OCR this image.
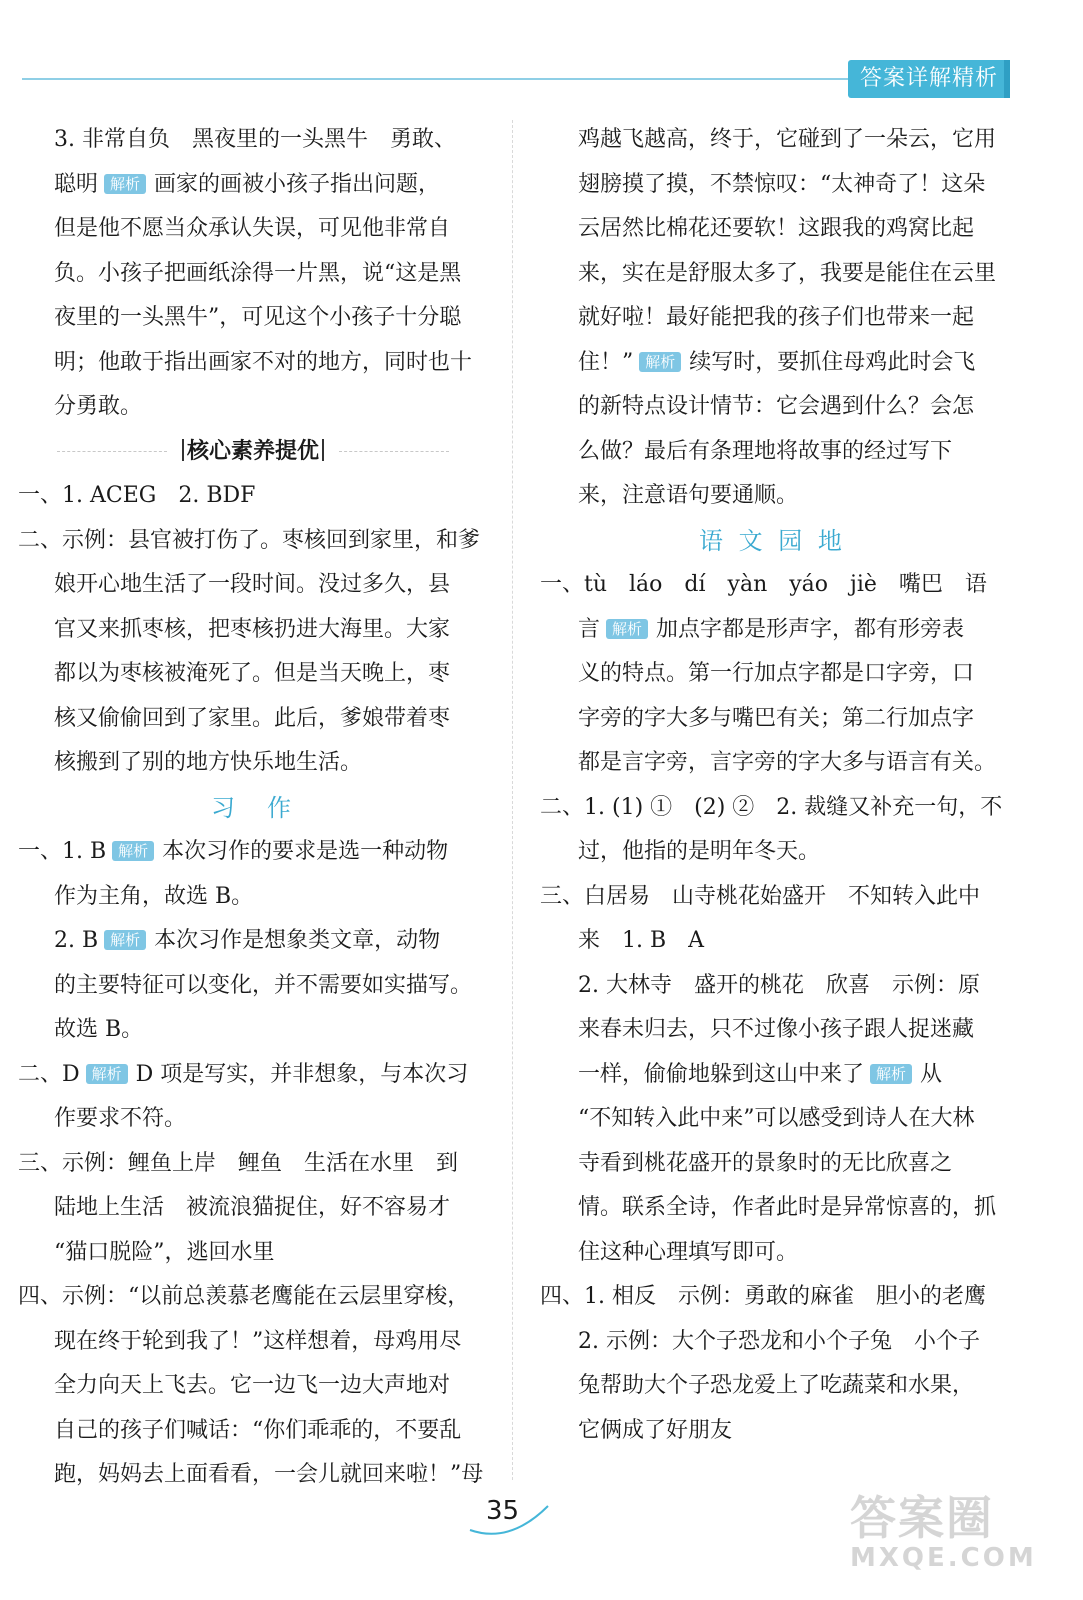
答案详解精析
3. 非常自负　黑夜里的一头黑牛　勇敢、
聪明 解析 画家的画被小孩子指出问题，
但是他不愿当众承认失误，可见他非常自
负。小孩子把画纸涂得一片黑，说“这是黑
夜里的一头黑牛”，可见这个小孩子十分聪
明；他敢于指出画家不对的地方，同时也十
分勇敢。
核心素养提优
一、1. ACEG　2. BDF
二、示例：县官被打伤了。枣核回到家里，和爹
娘开心地生活了一段时间。没过多久，县
官又来抓枣核，把枣核扔进大海里。大家
都以为枣核被淹死了。但是当天晚上，枣
核又偷偷回到了家里。此后，爹娘带着枣
核搬到了别的地方快乐地生活。
习　作
一、1. B 解析 本次习作的要求是选一种动物
作为主角，故选 B。
2. B 解析 本次习作是想象类文章，动物
的主要特征可以变化，并不需要如实描写。
故选 B。
二、D 解析 D 项是写实，并非想象，与本次习
作要求不符。
三、示例：鲤鱼上岸　鲤鱼　生活在水里　到
陆地上生活　被流浪猫捉住，好不容易才
“猫口脱险”，逃回水里
四、示例：“以前总羡慕老鹰能在云层里穿梭，
现在终于轮到我了！”这样想着，母鸡用尽
全力向天上飞去。它一边飞一边大声地对
自己的孩子们喊话：“你们乖乖的，不要乱
跑，妈妈去上面看看，一会儿就回来啦！”母
鸡越飞越高，终于，它碰到了一朵云，它用
翅膀摸了摸，不禁惊叹：“太神奇了！这朵
云居然比棉花还要软！这跟我的鸡窝比起
来，实在是舒服太多了，我要是能住在云里
就好啦！最好能把我的孩子们也带来一起
住！” 解析 续写时，要抓住母鸡此时会飞
的新特点设计情节：它会遇到什么？会怎
么做？最后有条理地将故事的经过写下
来，注意语句要通顺。
语 文 园 地
一、tù　láo　dí　yàn　yáo　jiè　嘴巴　语
言 解析 加点字都是形声字，都有形旁表
义的特点。第一行加点字都是口字旁，口
字旁的字大多与嘴巴有关；第二行加点字
都是言字旁，言字旁的字大多与语言有关。
二、1. (1) ①　(2) ②　2. 裁缝又补充一句，不
过，他指的是明年冬天。
三、白居易　山寺桃花始盛开　不知转入此中
来　1. B　A
2. 大林寺　盛开的桃花　欣喜　示例：原
来春未归去，只不过像小孩子跟人捉迷藏
一样，偷偷地躲到这山中来了 解析 从
“不知转入此中来”可以感受到诗人在大林
寺看到桃花盛开的景象时的无比欣喜之
情。联系全诗，作者此时是异常惊喜的，抓
住这种心理填写即可。
四、1. 相反　示例：勇敢的麻雀　胆小的老鹰
2. 示例：大个子恐龙和小个子兔　小个子
兔帮助大个子恐龙爱上了吃蔬菜和水果，
它俩成了好朋友
35	答案圈
MXQE.COM
